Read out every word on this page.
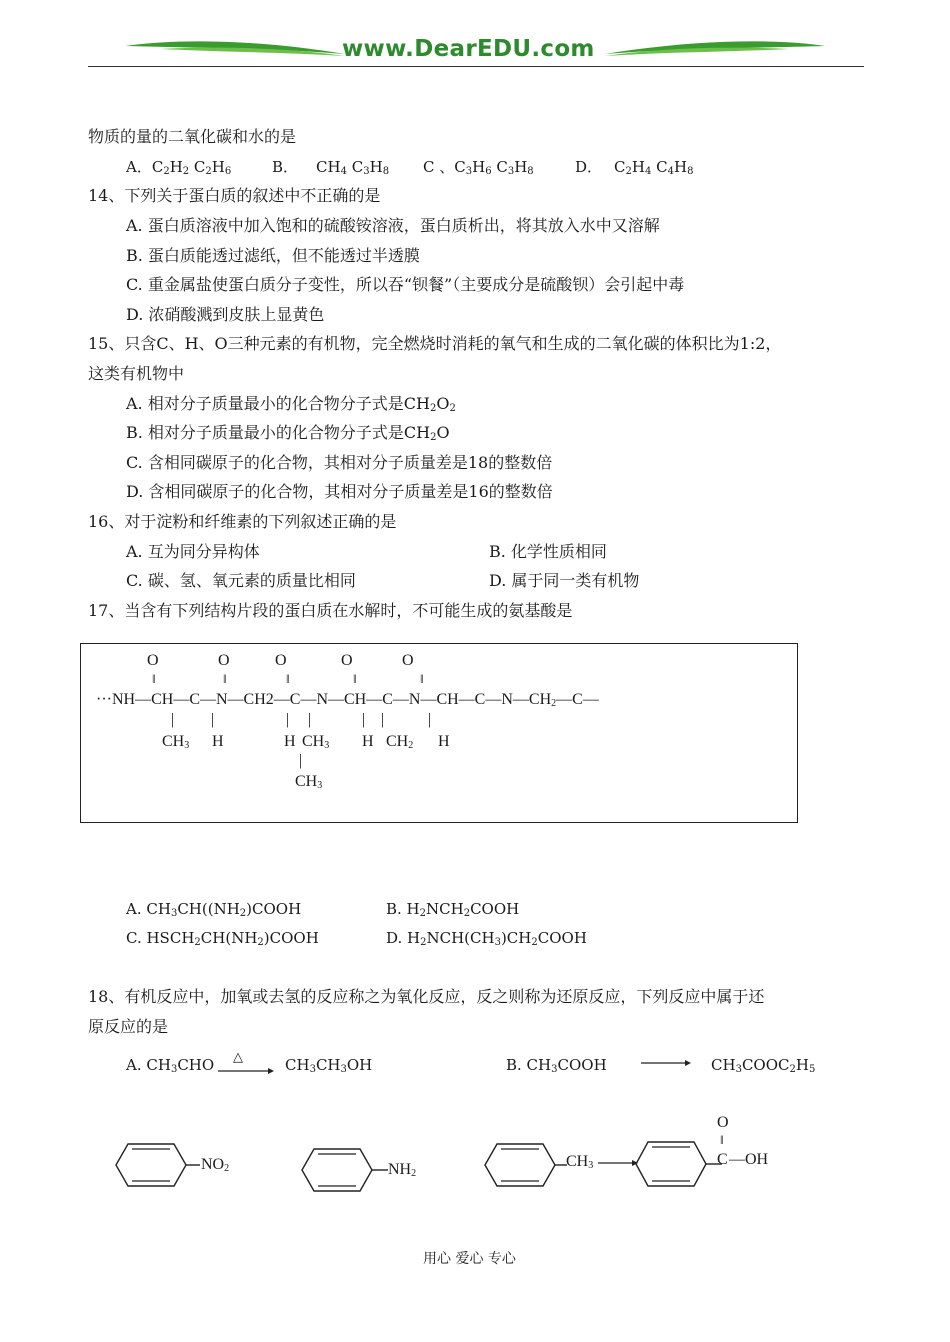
www.DearEDU.com
物质的量的二氧化碳和水的是
A．$C_2H_2$ $C_2H_6$	B． $CH_4$ $C_3H_8$ C 、$C_3H_6$ $C_3H_8$	D． $C_2H_4$ $C_4H_8$
14、下列关于蛋白质的叙述中不正确的是
A. 蛋白质溶液中加入饱和的硫酸铵溶液，蛋白质析出，将其放入水中又溶解
B. 蛋白质能透过滤纸，但不能透过半透膜
C. 重金属盐使蛋白质分子变性，所以吞“钡餐”（主要成分是硫酸钡）会引起中毒
D. 浓硝酸溅到皮肤上显黄色
15、只含C、H、O三种元素的有机物，完全燃烧时消耗的氧气和生成的二氧化碳的体积比为1:2，
这类有机物中
A. 相对分子质量最小的化合物分子式是$CH_2O_2$
B. 相对分子质量最小的化合物分子式是$CH_2O$
C. 含相同碳原子的化合物，其相对分子质量差是18的整数倍
D. 含相同碳原子的化合物，其相对分子质量差是16的整数倍
16、对于淀粉和纤维素的下列叙述正确的是
A. 互为同分异构体	B. 化学性质相同
C. 碳、氢、氧元素的质量比相同	D. 属于同一类有机物
17、当含有下列结构片段的蛋白质在水解时，不可能生成的氨基酸是
O	O	O	O	O
‖	‖	‖	‖	‖
$\cdot\cdot\cdot NH—CH—C—N—CH2—C—N—CH—C—N—CH—C—N—CH_2—C—$
| |	| |	| |	|
$CH_3$ H	H $CH_3$ H $CH_2$ H
|
$CH_3$
A. $CH_3CH((NH_2)COOH$	B. $H_2NCH_2COOH$
C. $HSCH_2CH(NH_2)COOH$	D. $H_2NCH(CH_3)CH_2COOH$
18、有机反应中，加氧或去氢的反应称之为氧化反应，反之则称为还原反应，下列反应中属于还
原反应的是
A. $CH_3CHO$ △	$CH_3CH_3OH$	B. $CH_3COOH$	$CH_3COOC_2H_5$
$NO_2$	$NH_2$
$CH_3$
O
‖
C —OH
用心 爱心 专心
